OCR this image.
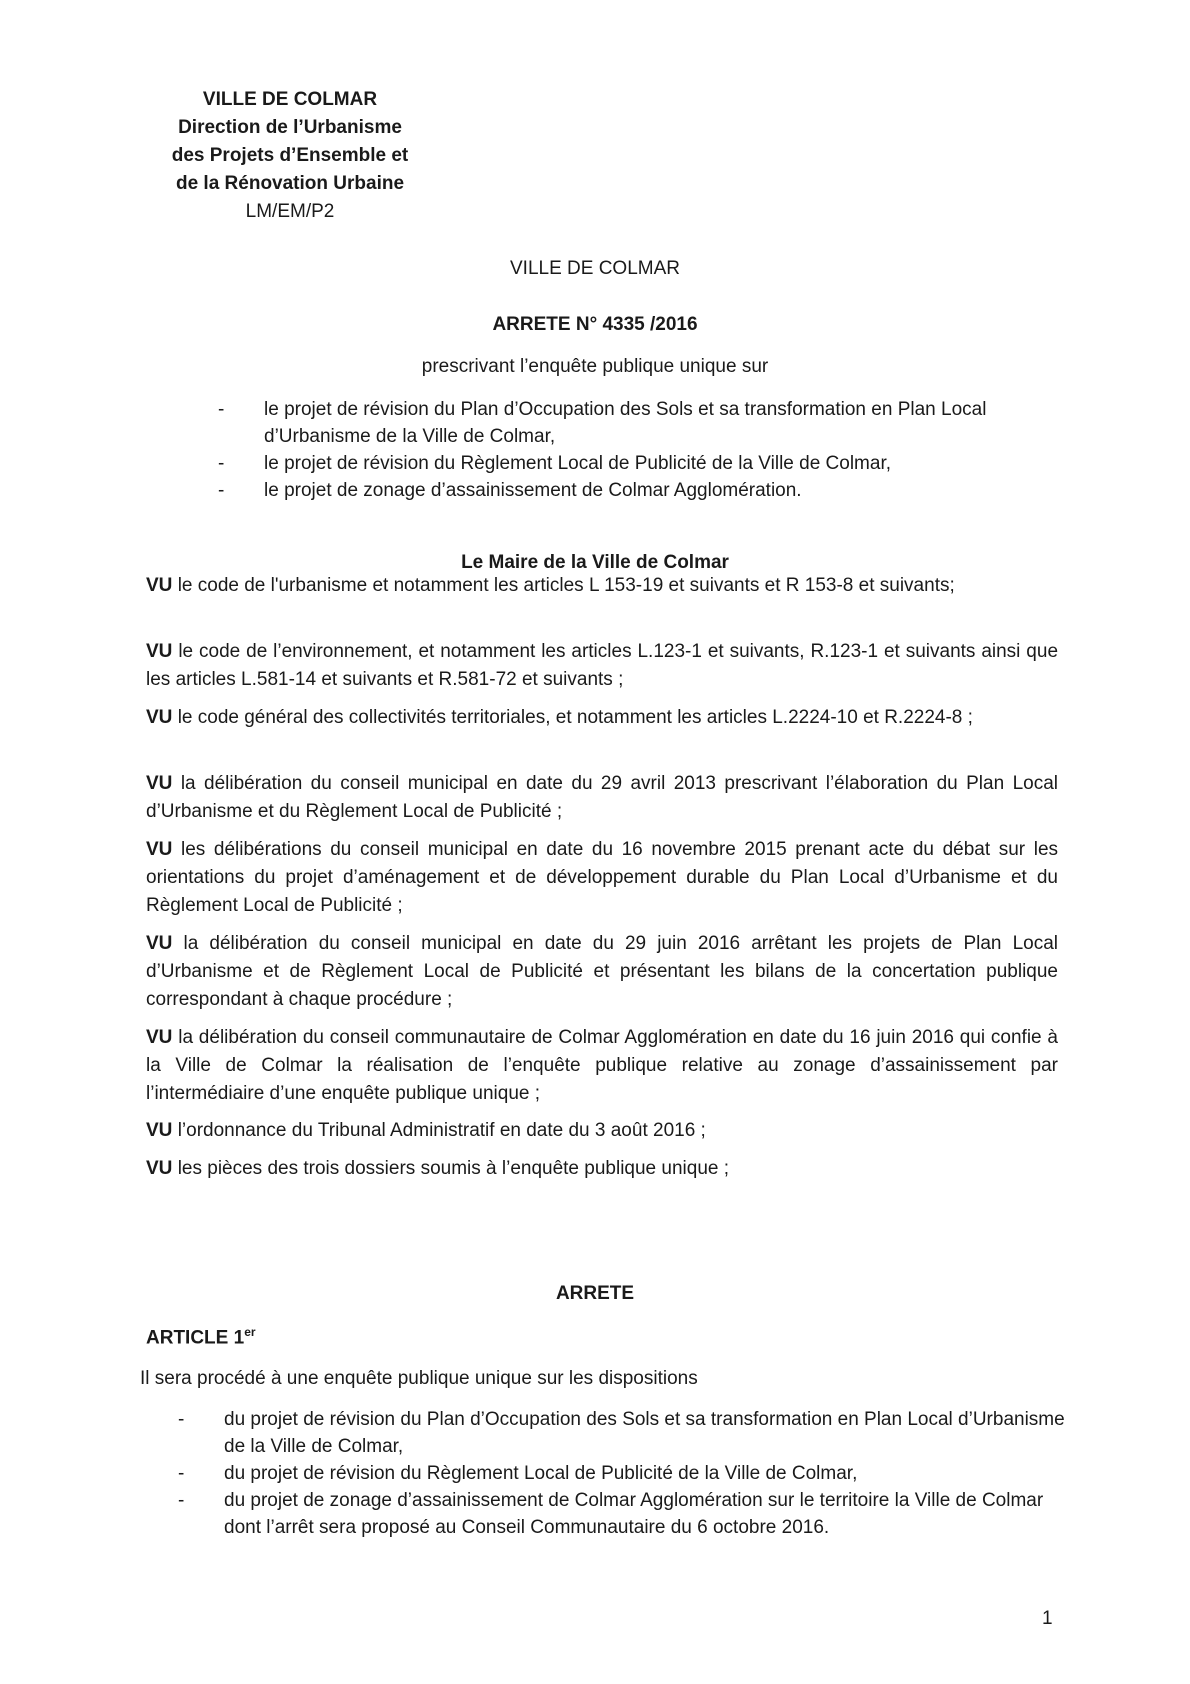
VILLE DE COLMAR
Direction de l’Urbanisme
des Projets d’Ensemble et
de la Rénovation Urbaine
LM/EM/P2
VILLE DE COLMAR
ARRETE N° 4335 /2016
prescrivant l’enquête publique unique sur
- le projet de révision du Plan d’Occupation des Sols et sa transformation en Plan Local d’Urbanisme de la Ville de Colmar,
- le projet de révision du Règlement Local de Publicité de la Ville de Colmar,
- le projet de zonage d’assainissement de Colmar Agglomération.
Le Maire de la Ville de Colmar
VU le code de l'urbanisme et notamment les articles L 153-19 et suivants et R 153-8 et suivants;
VU le code de l’environnement, et notamment les articles L.123-1 et suivants, R.123-1 et suivants ainsi que les articles L.581-14 et suivants et R.581-72 et suivants ;
VU le code général des collectivités territoriales, et notamment les articles L.2224-10 et R.2224-8 ;
VU la délibération du conseil municipal en date du 29 avril 2013 prescrivant l’élaboration du Plan Local d’Urbanisme et du Règlement Local de Publicité ;
VU les délibérations du conseil municipal en date du 16 novembre 2015 prenant acte du débat sur les orientations du projet d’aménagement et de développement durable du Plan Local d’Urbanisme et du Règlement Local de Publicité ;
VU la délibération du conseil municipal en date du 29 juin 2016 arrêtant les projets de Plan Local d’Urbanisme et de Règlement Local de Publicité et présentant les bilans de la concertation publique correspondant à chaque procédure ;
VU la délibération du conseil communautaire de Colmar Agglomération en date du 16 juin 2016 qui confie à la Ville de Colmar la réalisation de l’enquête publique relative au zonage d’assainissement par l’intermédiaire d’une enquête publique unique ;
VU l’ordonnance du Tribunal Administratif en date du 3 août 2016 ;
VU les pièces des trois dossiers soumis à l’enquête publique unique ;
ARRETE
ARTICLE 1er
Il sera procédé à une enquête publique unique sur les dispositions
- du projet de révision du Plan d’Occupation des Sols et sa transformation en Plan Local d’Urbanisme de la Ville de Colmar,
- du projet de révision du Règlement Local de Publicité de la Ville de Colmar,
- du projet de zonage d’assainissement de Colmar Agglomération sur le territoire la Ville de Colmar dont l’arrêt sera proposé au Conseil Communautaire du 6 octobre 2016.
1
